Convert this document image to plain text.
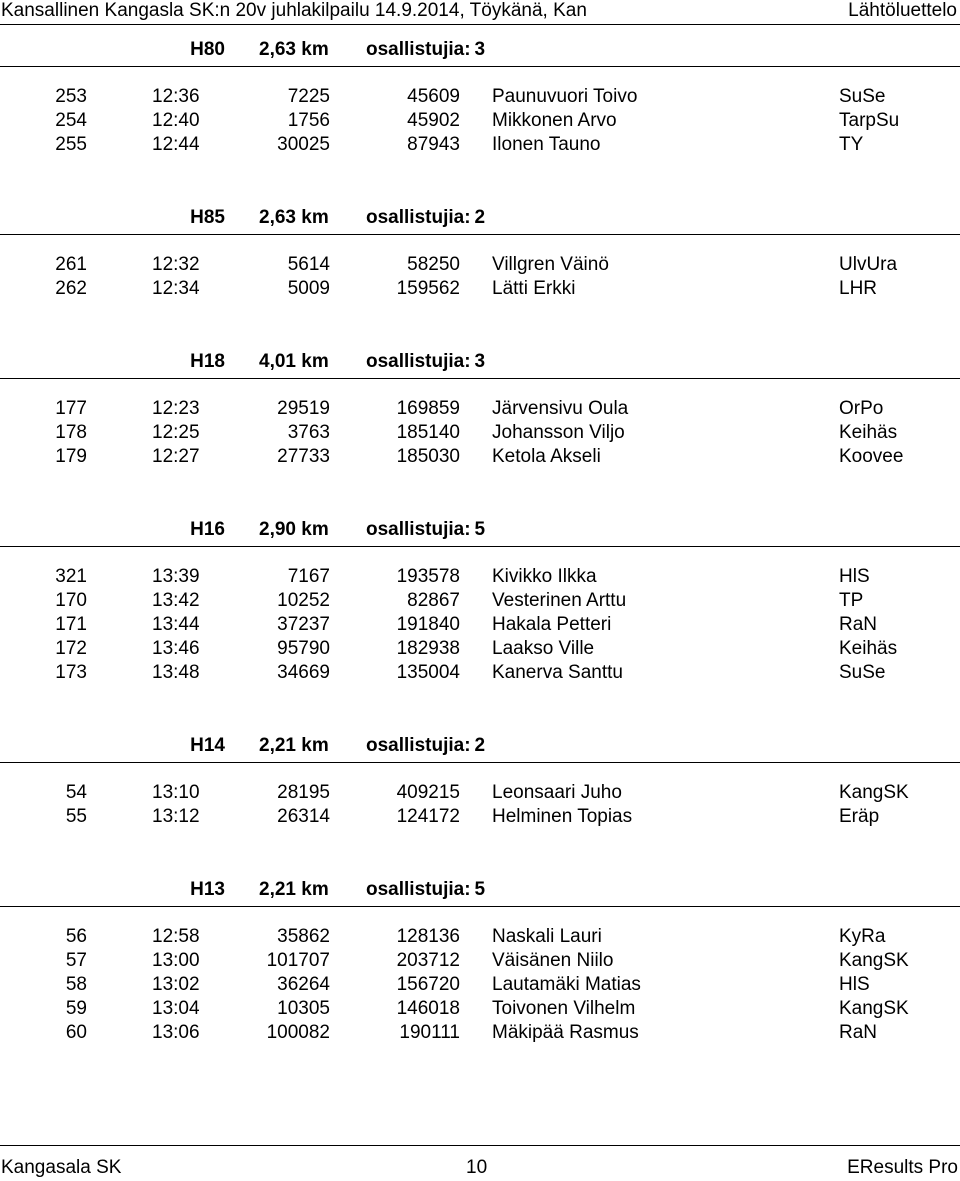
Kansallinen Kangasla SK:n 20v juhlakilpailu 14.9.2014, Töykänä, Kan	Lähtöluettelo
H80 2,63 km osallistujia: 3
253	12:36	7225	45609 Paunuvuori Toivo	SuSe
254	12:40	1756	45902 Mikkonen Arvo	TarpSu
255	12:44	30025	87943 Ilonen Tauno	TY
H85 2,63 km osallistujia: 2
261	12:32	5614	58250 Villgren Väinö	UlvUra
262	12:34	5009	159562 Lätti Erkki	LHR
H18 4,01 km osallistujia: 3
177	12:23	29519	169859 Järvensivu Oula	OrPo
178	12:25	3763	185140 Johansson Viljo	Keihäs
179	12:27	27733	185030 Ketola Akseli	Koovee
H16 2,90 km osallistujia: 5
321	13:39	7167	193578 Kivikko Ilkka	HlS
170	13:42	10252	82867 Vesterinen Arttu	TP
171	13:44	37237	191840 Hakala Petteri	RaN
172	13:46	95790	182938 Laakso Ville	Keihäs
173	13:48	34669	135004 Kanerva Santtu	SuSe
H14 2,21 km osallistujia: 2
54	13:10	28195	409215 Leonsaari Juho	KangSK
55	13:12	26314	124172 Helminen Topias	Eräp
H13 2,21 km osallistujia: 5
56	12:58	35862	128136 Naskali Lauri	KyRa
57	13:00	101707	203712 Väisänen Niilo	KangSK
58	13:02	36264	156720 Lautamäki Matias	HlS
59	13:04	10305	146018 Toivonen Vilhelm	KangSK
60	13:06	100082	190111 Mäkipää Rasmus	RaN
Kangasala SK	10	EResults Pro
